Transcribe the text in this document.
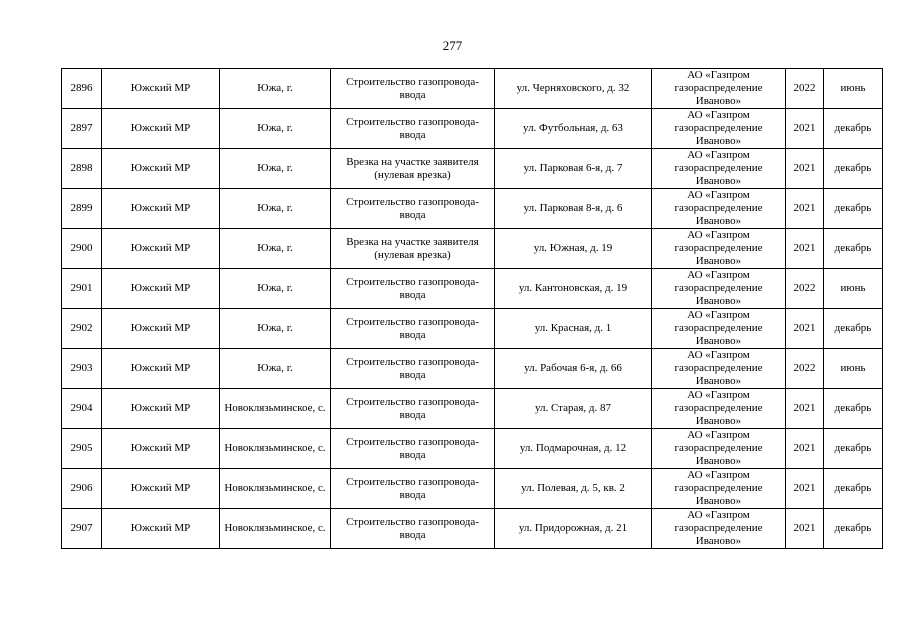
277
2896	Южский МР	Южа, г.	Строительство газопровода-ввода	ул. Черняховского, д. 32	АО «Газпром газораспределение Иваново»	2022	июнь
2897	Южский МР	Южа, г.	Строительство газопровода-ввода	ул. Футбольная, д. 63	АО «Газпром газораспределение Иваново»	2021	декабрь
2898	Южский МР	Южа, г.	Врезка на участке заявителя (нулевая врезка)	ул. Парковая 6-я, д. 7	АО «Газпром газораспределение Иваново»	2021	декабрь
2899	Южский МР	Южа, г.	Строительство газопровода-ввода	ул. Парковая 8-я, д. 6	АО «Газпром газораспределение Иваново»	2021	декабрь
2900	Южский МР	Южа, г.	Врезка на участке заявителя (нулевая врезка)	ул. Южная, д. 19	АО «Газпром газораспределение Иваново»	2021	декабрь
2901	Южский МР	Южа, г.	Строительство газопровода-ввода	ул. Кантоновская, д. 19	АО «Газпром газораспределение Иваново»	2022	июнь
2902	Южский МР	Южа, г.	Строительство газопровода-ввода	ул. Красная, д. 1	АО «Газпром газораспределение Иваново»	2021	декабрь
2903	Южский МР	Южа, г.	Строительство газопровода-ввода	ул. Рабочая 6-я, д. 66	АО «Газпром газораспределение Иваново»	2022	июнь
2904	Южский МР	Новоклязьминское, с.	Строительство газопровода-ввода	ул. Старая, д. 87	АО «Газпром газораспределение Иваново»	2021	декабрь
2905	Южский МР	Новоклязьминское, с.	Строительство газопровода-ввода	ул. Подмарочная, д. 12	АО «Газпром газораспределение Иваново»	2021	декабрь
2906	Южский МР	Новоклязьминское, с.	Строительство газопровода-ввода	ул. Полевая, д. 5, кв. 2	АО «Газпром газораспределение Иваново»	2021	декабрь
2907	Южский МР	Новоклязьминское, с.	Строительство газопровода-ввода	ул. Придорожная, д. 21	АО «Газпром газораспределение Иваново»	2021	декабрь
